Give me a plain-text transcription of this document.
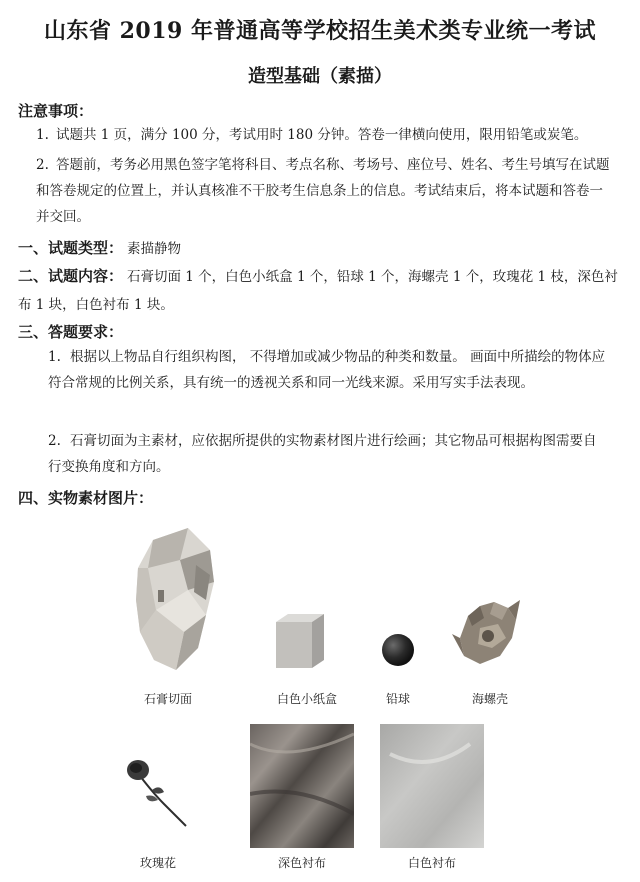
山东省 2019 年普通高等学校招生美术类专业统一考试
造型基础（素描）
注意事项：
1. 试题共 1 页，满分 100 分，考试用时 180 分钟。答卷一律横向使用，限用铅笔或炭笔。
2. 答题前，考务必用黑色签字笔将科目、考点名称、考场号、座位号、姓名、考生号填写在试题和答卷规定的位置上，并认真核准不干胶考生信息条上的信息。考试结束后，将本试题和答卷一并交回。
一、试题类型： 素描静物
二、试题内容： 石膏切面 1 个，白色小纸盒 1 个，铅球 1 个，海螺壳 1 个，玫瑰花 1 枝，深色衬布 1 块，白色衬布 1 块。
三、答题要求：
1. 根据以上物品自行组织构图， 不得增加或减少物品的种类和数量。 画面中所描绘的物体应符合常规的比例关系，具有统一的透视关系和同一光线来源。采用写实手法表现。
2. 石膏切面为主素材，应依据所提供的实物素材图片进行绘画；其它物品可根据构图需要自行变换角度和方向。
四、实物素材图片：
石膏切面	白色小纸盒	铅球	海螺壳
玫瑰花	深色衬布	白色衬布
